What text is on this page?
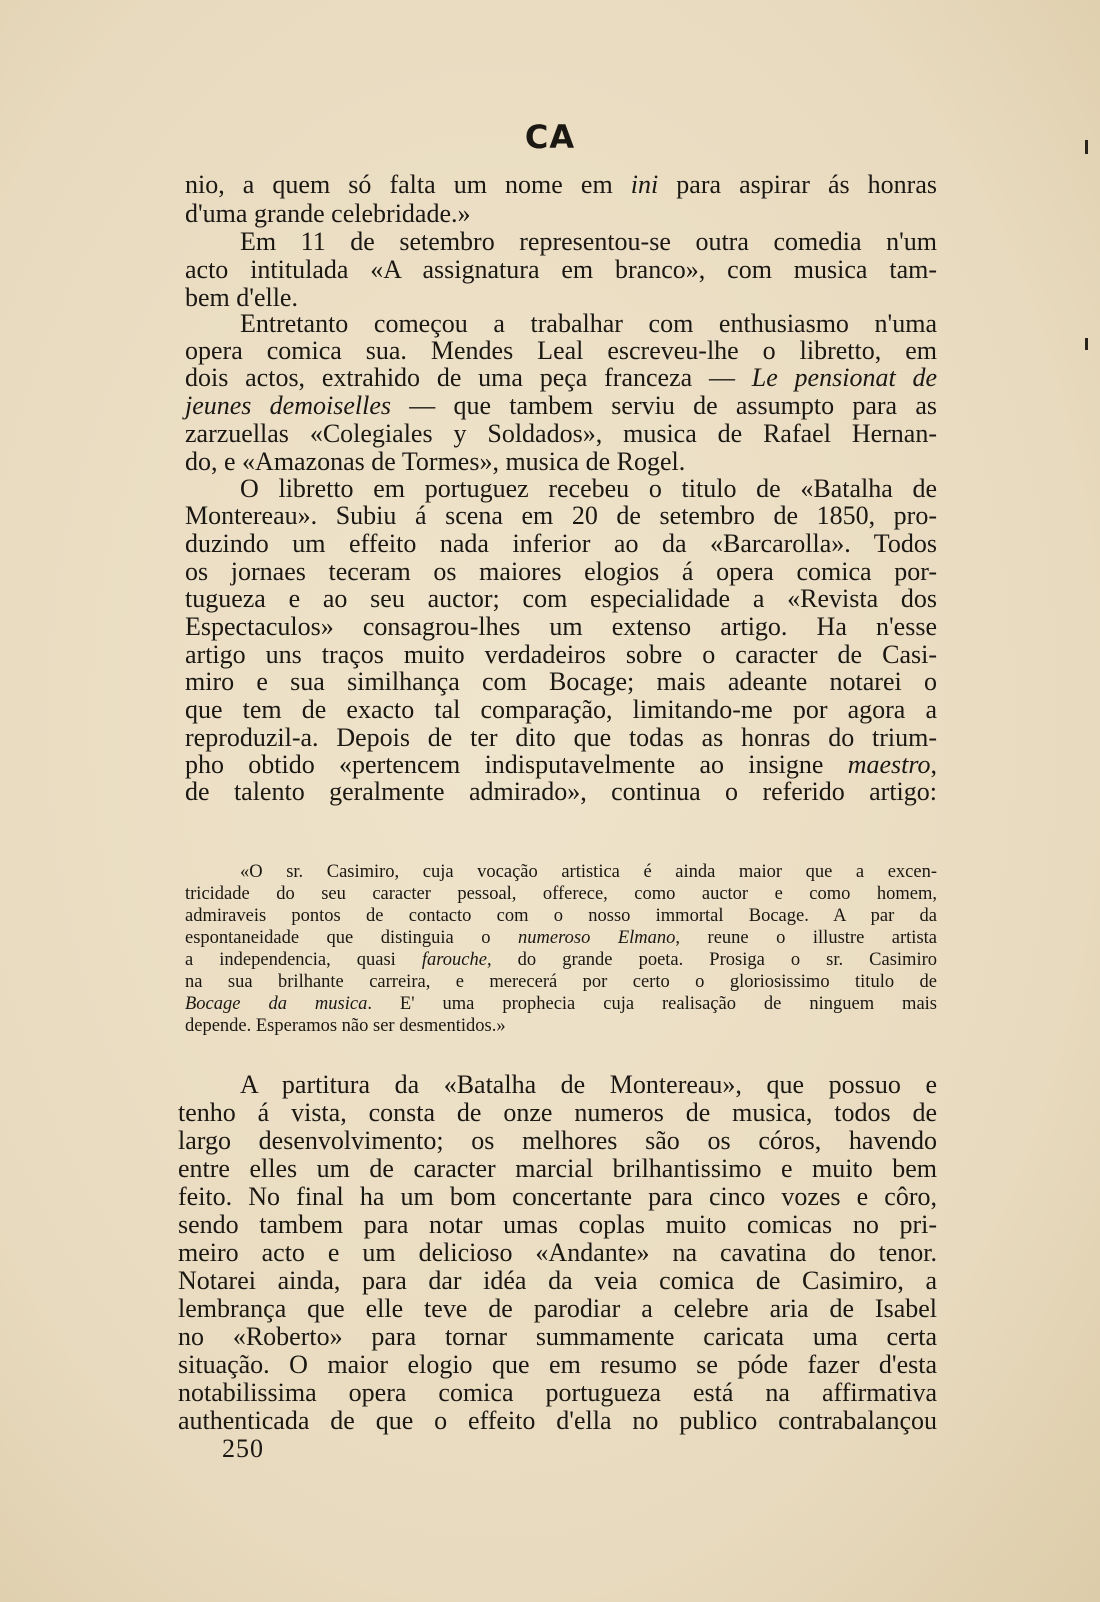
CA
nio, a quem só falta um nome em ini para aspirar ás honras
d'uma grande celebridade.»
Em 11 de setembro representou-se outra comedia n'um
acto intitulada «A assignatura em branco», com musica tam-
bem d'elle.
Entretanto começou a trabalhar com enthusiasmo n'uma
opera comica sua. Mendes Leal escreveu-lhe o libretto, em
dois actos, extrahido de uma peça franceza — Le pensionat de
jeunes demoiselles — que tambem serviu de assumpto para as
zarzuellas «Colegiales y Soldados», musica de Rafael Hernan-
do, e «Amazonas de Tormes», musica de Rogel.
O libretto em portuguez recebeu o titulo de «Batalha de
Montereau». Subiu á scena em 20 de setembro de 1850, pro-
duzindo um effeito nada inferior ao da «Barcarolla». Todos
os jornaes teceram os maiores elogios á opera comica por-
tugueza e ao seu auctor; com especialidade a «Revista dos
Espectaculos» consagrou-lhes um extenso artigo. Ha n'esse
artigo uns traços muito verdadeiros sobre o caracter de Casi-
miro e sua similhança com Bocage; mais adeante notarei o
que tem de exacto tal comparação, limitando-me por agora a
reproduzil-a. Depois de ter dito que todas as honras do trium-
pho obtido «pertencem indisputavelmente ao insigne maestro,
de talento geralmente admirado», continua o referido artigo:
«O sr. Casimiro, cuja vocação artistica é ainda maior que a excen-
tricidade do seu caracter pessoal, offerece, como auctor e como homem,
admiraveis pontos de contacto com o nosso immortal Bocage. A par da
espontaneidade que distinguia o numeroso Elmano, reune o illustre artista
a independencia, quasi farouche, do grande poeta. Prosiga o sr. Casimiro
na sua brilhante carreira, e merecerá por certo o gloriosissimo titulo de
Bocage da musica. E' uma prophecia cuja realisação de ninguem mais
depende. Esperamos não ser desmentidos.»
A partitura da «Batalha de Montereau», que possuo e
tenho á vista, consta de onze numeros de musica, todos de
largo desenvolvimento; os melhores são os córos, havendo
entre elles um de caracter marcial brilhantissimo e muito bem
feito. No final ha um bom concertante para cinco vozes e côro,
sendo tambem para notar umas coplas muito comicas no pri-
meiro acto e um delicioso «Andante» na cavatina do tenor.
Notarei ainda, para dar idéa da veia comica de Casimiro, a
lembrança que elle teve de parodiar a celebre aria de Isabel
no «Roberto» para tornar summamente caricata uma certa
situação. O maior elogio que em resumo se póde fazer d'esta
notabilissima opera comica portugueza está na affirmativa
authenticada de que o effeito d'ella no publico contrabalançou
250
